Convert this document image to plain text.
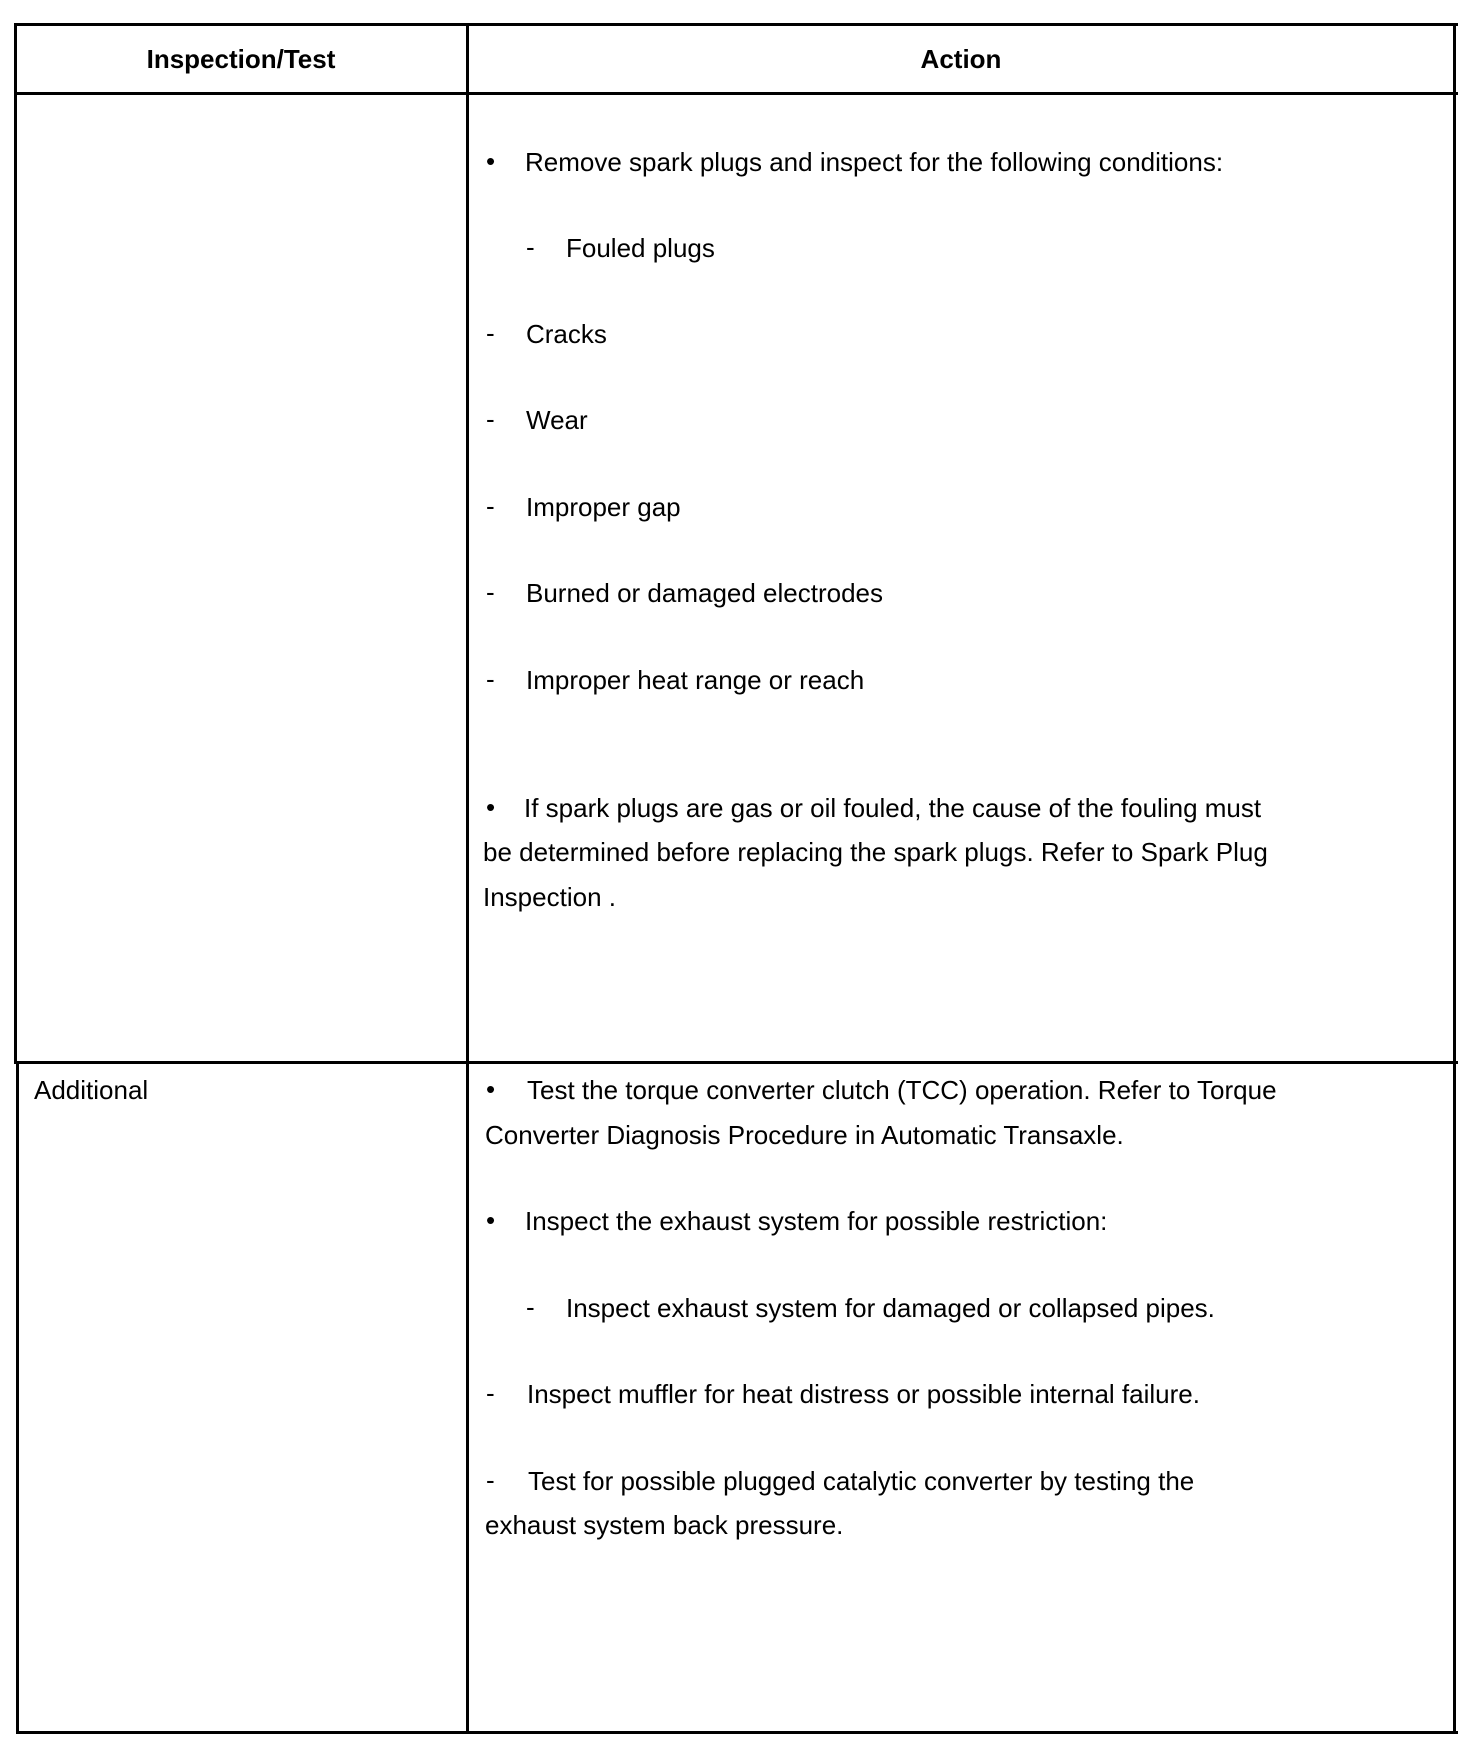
Inspection/Test	Action
• Remove spark plugs and inspect for the following conditions:
- Fouled plugs
- Cracks
- Wear
- Improper gap
- Burned or damaged electrodes
- Improper heat range or reach
• If spark plugs are gas or oil fouled, the cause of the fouling must
be determined before replacing the spark plugs. Refer to Spark Plug
Inspection .
Additional	• Test the torque converter clutch (TCC) operation. Refer to Torque
Converter Diagnosis Procedure in Automatic Transaxle.
• Inspect the exhaust system for possible restriction:
- Inspect exhaust system for damaged or collapsed pipes.
- Inspect muffler for heat distress or possible internal failure.
- Test for possible plugged catalytic converter by testing the
exhaust system back pressure.
